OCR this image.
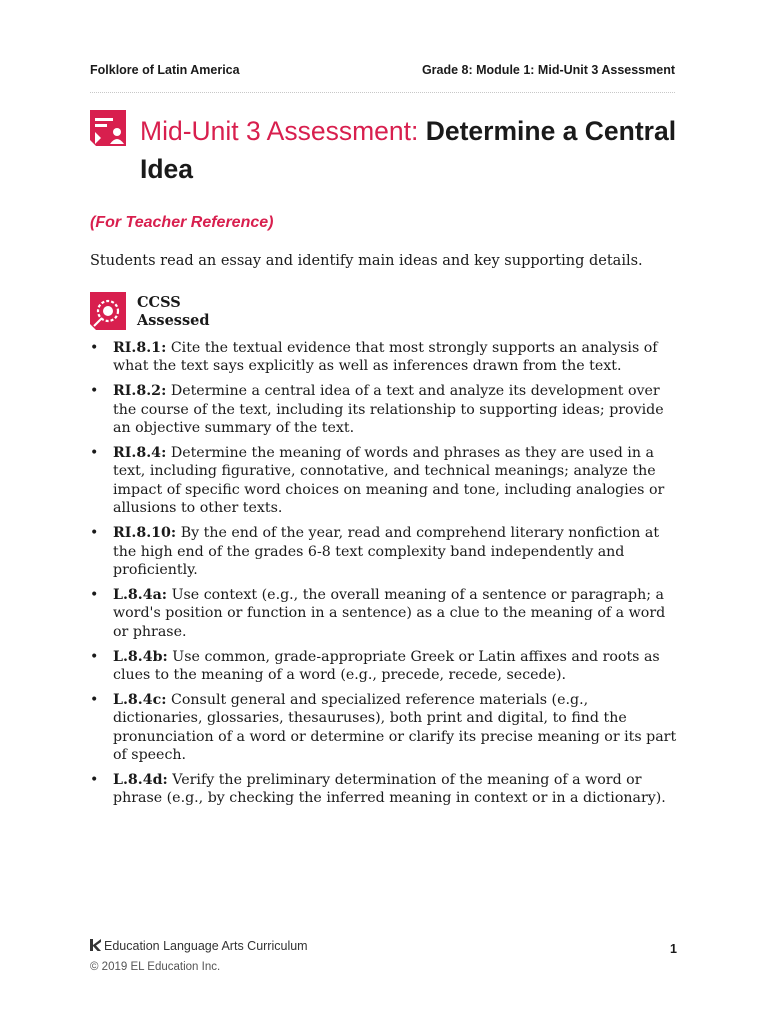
Folklore of Latin America	Grade 8: Module 1: Mid-Unit 3 Assessment
Mid-Unit 3 Assessment: Determine a Central Idea
(For Teacher Reference)
Students read an essay and identify main ideas and key supporting details.
CCSS
Assessed
• RI.8.1: Cite the textual evidence that most strongly supports an analysis of what the text says explicitly as well as inferences drawn from the text.
• RI.8.2: Determine a central idea of a text and analyze its development over the course of the text, including its relationship to supporting ideas; provide an objective summary of the text.
• RI.8.4: Determine the meaning of words and phrases as they are used in a text, including figurative, connotative, and technical meanings; analyze the impact of specific word choices on meaning and tone, including analogies or allusions to other texts.
• RI.8.10: By the end of the year, read and comprehend literary nonfiction at the high end of the grades 6-8 text complexity band independently and proficiently.
• L.8.4a: Use context (e.g., the overall meaning of a sentence or paragraph; a word's position or function in a sentence) as a clue to the meaning of a word or phrase.
• L.8.4b: Use common, grade-appropriate Greek or Latin affixes and roots as clues to the meaning of a word (e.g., precede, recede, secede).
• L.8.4c: Consult general and specialized reference materials (e.g., dictionaries, glossaries, thesauruses), both print and digital, to find the pronunciation of a word or determine or clarify its precise meaning or its part of speech.
• L.8.4d: Verify the preliminary determination of the meaning of a word or phrase (e.g., by checking the inferred meaning in context or in a dictionary).
Education Language Arts Curriculum
© 2019 EL Education Inc.
1
